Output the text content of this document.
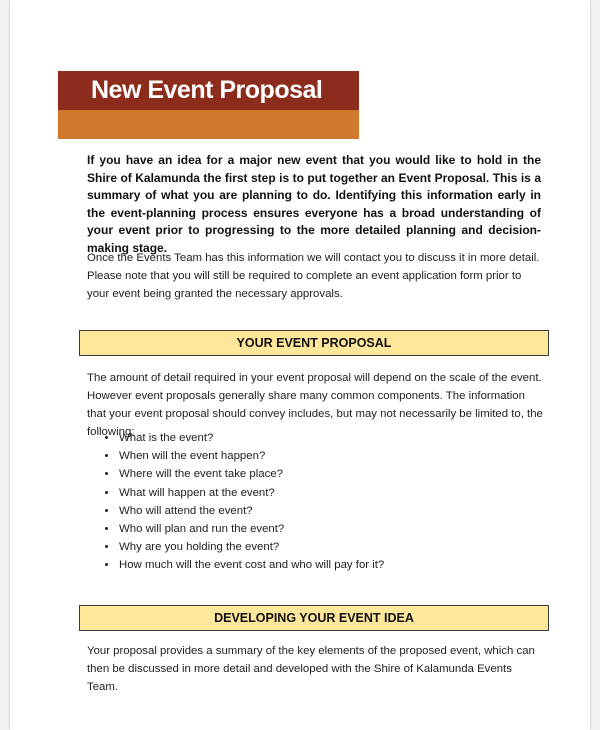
New Event Proposal
If you have an idea for a major new event that you would like to hold in the Shire of Kalamunda the first step is to put together an Event Proposal. This is a summary of what you are planning to do. Identifying this information early in the event-planning process ensures everyone has a broad understanding of your event prior to progressing to the more detailed planning and decision-making stage.
Once the Events Team has this information we will contact you to discuss it in more detail. Please note that you will still be required to complete an event application form prior to your event being granted the necessary approvals.
YOUR EVENT PROPOSAL
The amount of detail required in your event proposal will depend on the scale of the event. However event proposals generally share many common components. The information that your event proposal should convey includes, but may not necessarily be limited to, the following:
• What is the event?
• When will the event happen?
• Where will the event take place?
• What will happen at the event?
• Who will attend the event?
• Who will plan and run the event?
• Why are you holding the event?
• How much will the event cost and who will pay for it?
DEVELOPING YOUR EVENT IDEA
Your proposal provides a summary of the key elements of the proposed event, which can then be discussed in more detail and developed with the Shire of Kalamunda Events Team.
